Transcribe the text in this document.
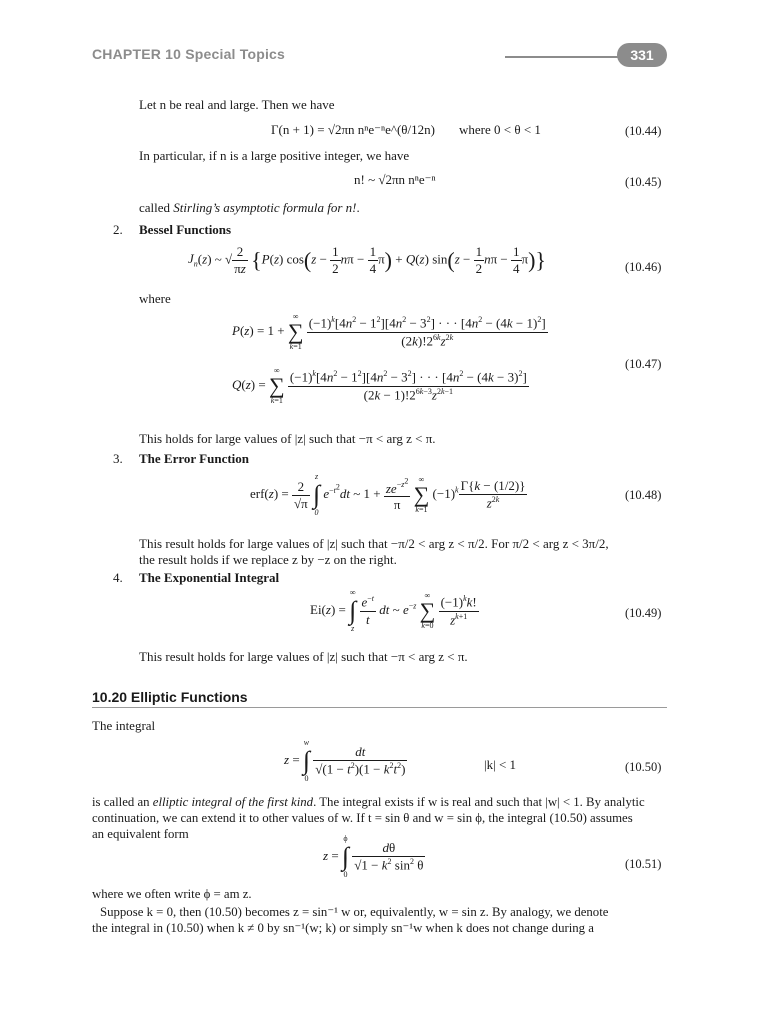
CHAPTER 10 Special Topics	331
Let n be real and large. Then we have
Γ(n + 1) = √2πn nⁿe⁻ⁿe^(θ/12n) where 0 < θ < 1	(10.44)
In particular, if n is a large positive integer, we have
n! ~ √2πn nⁿe⁻ⁿ	(10.45)
called Stirling’s asymptotic formula for n!.
2. Bessel Functions
$J_n(z)$ ~ √ $\frac{2}{\pi z} \{P(z) \cos(z - \frac{1}{2}$ $n\pi - \frac{1}{4} \pi) + Q(z)$ $\sin(z - \frac{1}{2}$ $n\pi - \frac{1}{4} \pi$)}	(10.46)
where
P(z) = 1 +
∞
∑
k=1
$\frac{(-1)^k[4n^2 - 1^2][4n^2 - 3^2] \cdot \cdot \cdot [4n^2 - (4k - 1)^2]}{(2k)!2^{6k}z^{2k}}$
(10.47)
Q(z) =
∞
∑
k=1
$\frac{(-1)^k[4n^2 - 1^2][4n^2 - 3^2] \cdot \cdot \cdot [4n^2 - (4k - 3)^2]}{(2k - 1)!2^{6k-3}z^{2k-1}}$
This holds for large values of |z| such that −π < arg z < π.
3. The Error Function
$erf(z) = \frac{2}{√\pi}$

z
∫
0
$e^{-t^2}dt$ ~ $1 + \frac{ze^{-z^2}}{\pi}$
	∞
∑
k=1
$(-1)^k \frac{\Gamma\{k - (1/2)\}}{z^{2k}}$	(10.48)
This result holds for large values of |z| such that −π/2 < arg z < π/2. For π/2 < arg z < 3π/2,
the result holds if we replace z by −z on the right.
4. The Exponential Integral
Ei(z) =
∞
∫
z

$\frac{e^{-t}}{t}$ dt ~ $e^{-z}$
∞
∑
k=0
$\frac{(-1)^kk!}{z^{k+1}}$	(10.49)
This result holds for large values of |z| such that −π < arg z < π.
10.20 Elliptic Functions
The integral
z =
w
∫
0

$\frac{dt}{√(1 - t^2)(1 - k^2t^2)}$	|k| < 1	(10.50)
is called an elliptic integral of the first kind. The integral exists if w is real and such that |w| < 1. By analytic
continuation, we can extend it to other values of w. If t = sin θ and w = sin ϕ, the integral (10.50) assumes
an equivalent form
z =
ϕ
∫
0

$\frac{d\theta}{√1 - k^2 \sin^2 \theta}$	(10.51)
where we often write ϕ = am z.
Suppose k = 0, then (10.50) becomes z = sin⁻¹ w or, equivalently, w = sin z. By analogy, we denote
the integral in (10.50) when k ≠ 0 by sn⁻¹(w; k) or simply sn⁻¹w when k does not change during a
